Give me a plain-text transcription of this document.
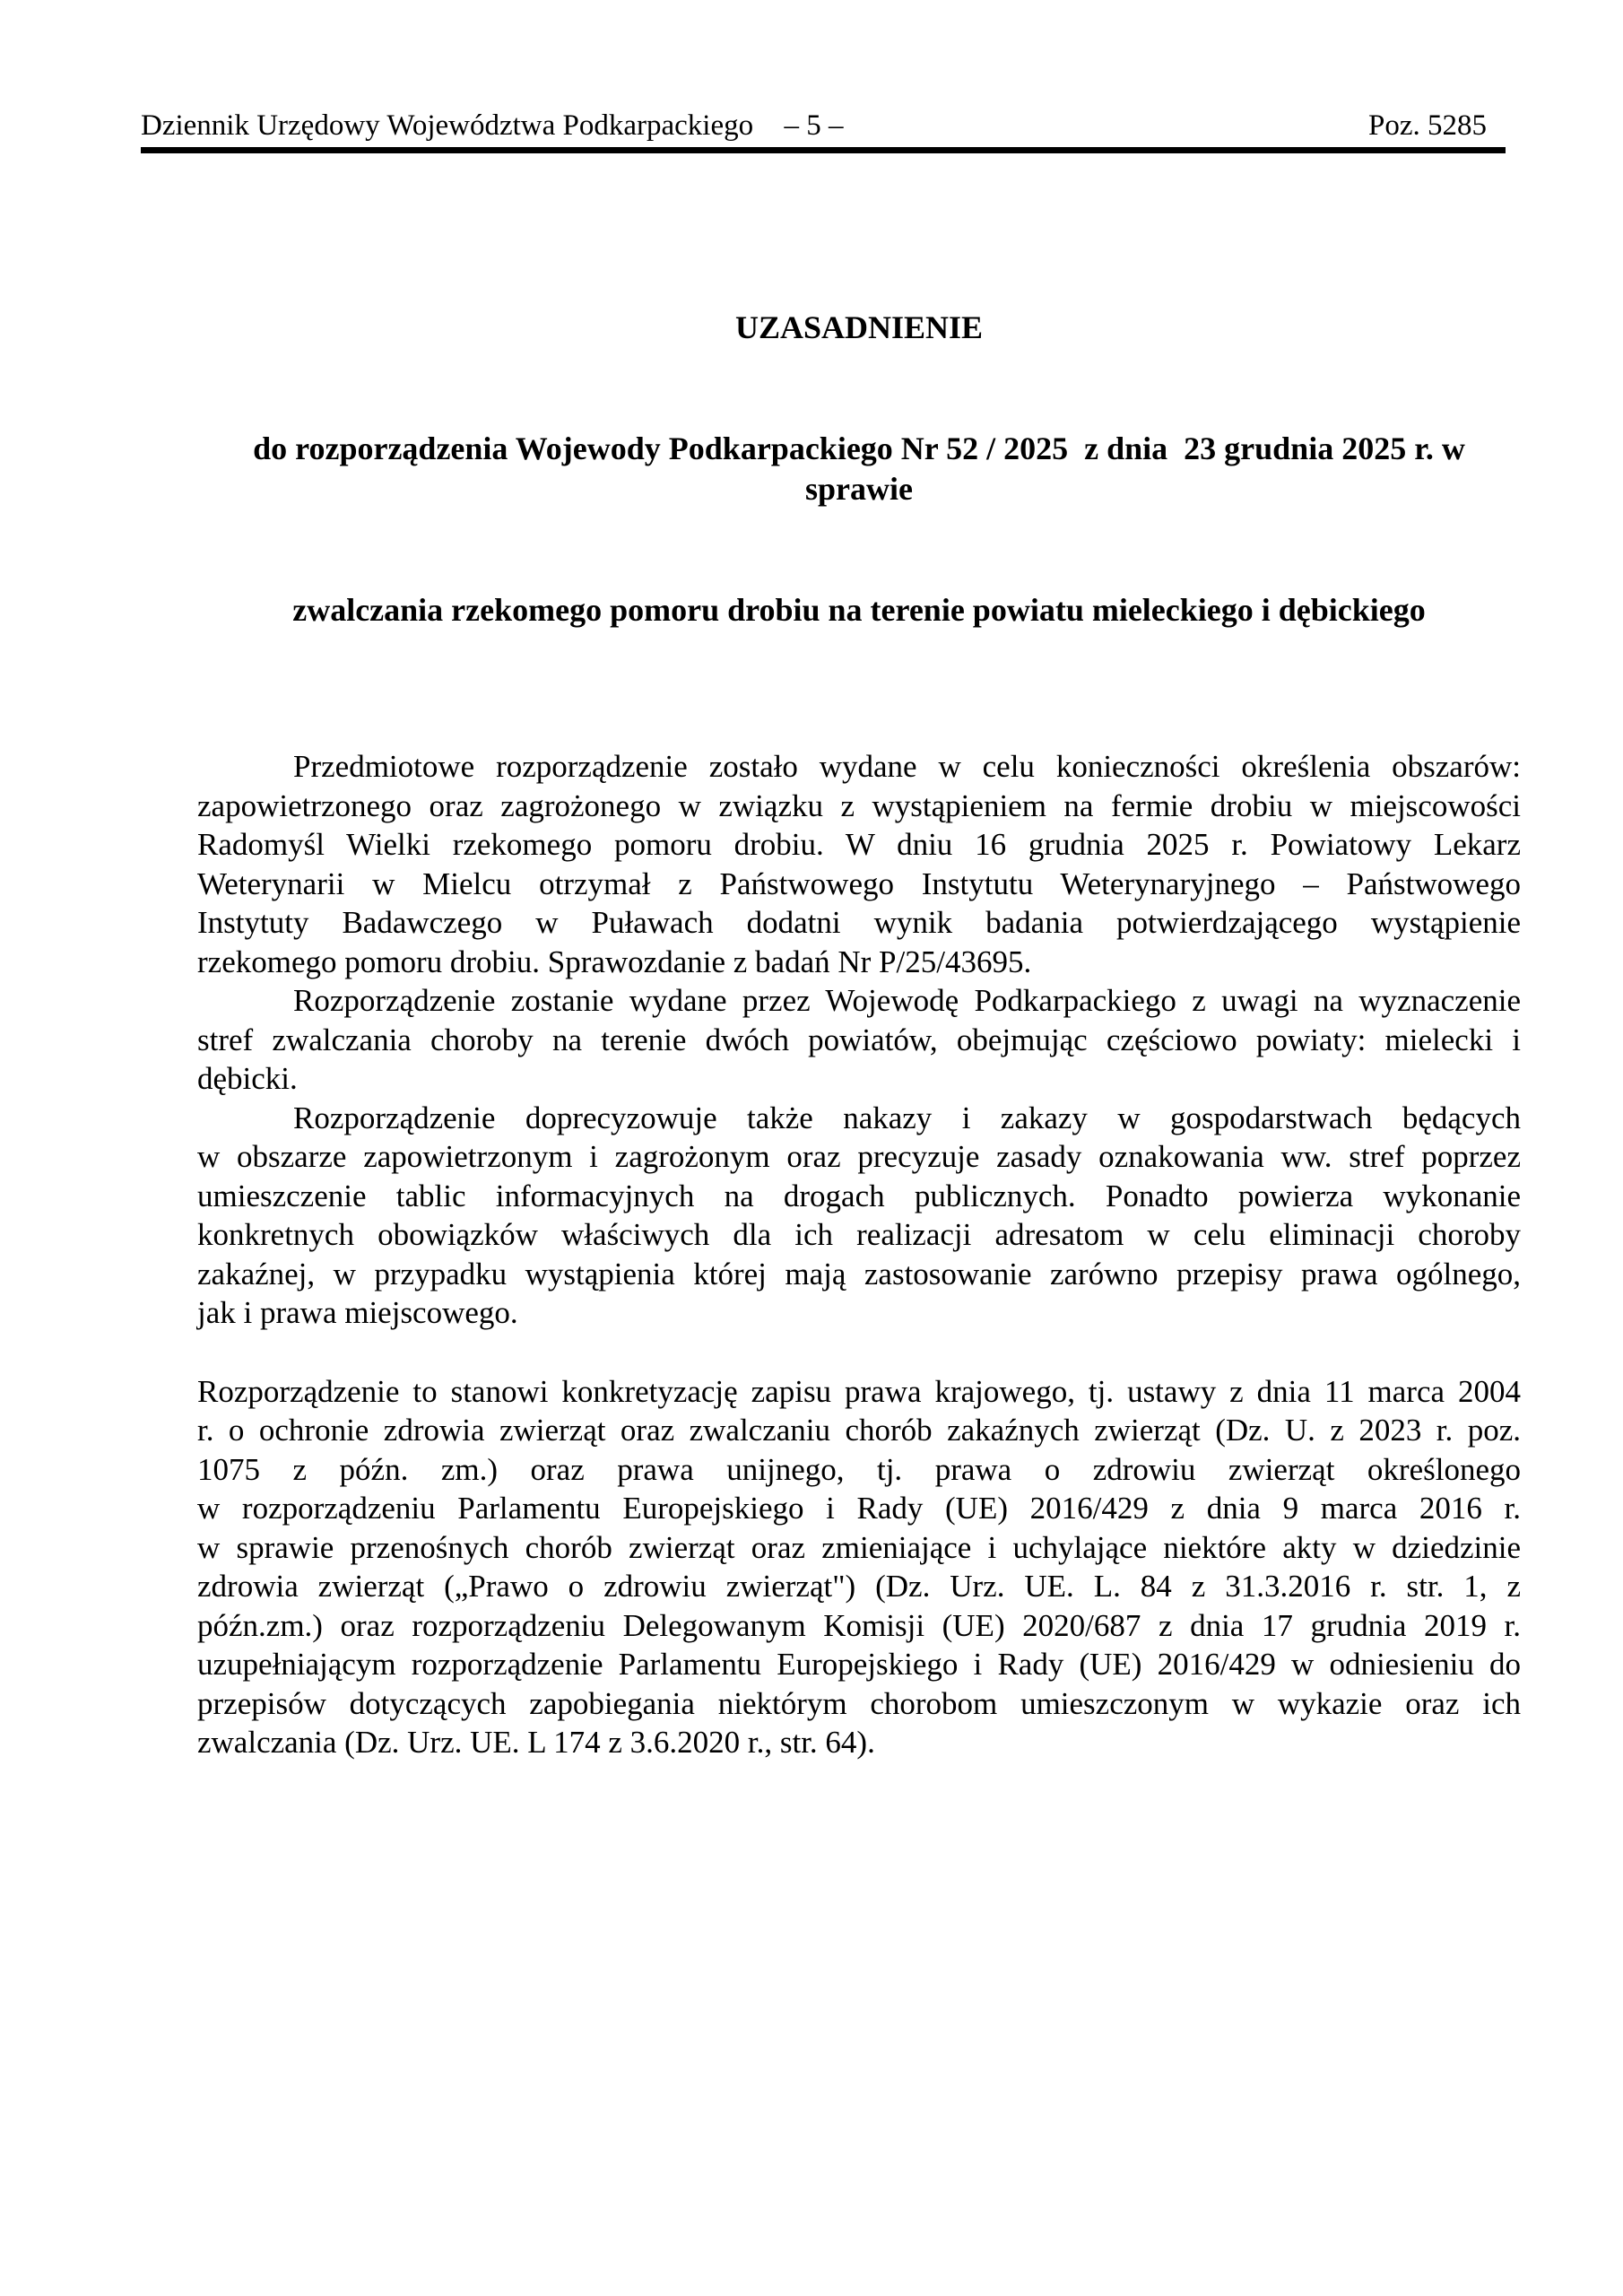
Dziennik Urzędowy Województwa Podkarpackiego	– 5 –	Poz. 5285

UZASADNIENIE

do rozporządzenia Wojewody Podkarpackiego Nr 52 / 2025  z dnia  23 grudnia 2025 r. w sprawie

zwalczania rzekomego pomoru drobiu na terenie powiatu mieleckiego i dębickiego

Przedmiotowe rozporządzenie zostało wydane w celu konieczności określenia obszarów:
zapowietrzonego oraz zagrożonego w związku z wystąpieniem na fermie drobiu w miejscowości
Radomyśl Wielki rzekomego pomoru drobiu. W dniu 16 grudnia 2025 r. Powiatowy Lekarz
Weterynarii w Mielcu otrzymał z Państwowego Instytutu Weterynaryjnego – Państwowego
Instytuty Badawczego w Puławach dodatni wynik badania potwierdzającego wystąpienie
rzekomego pomoru drobiu. Sprawozdanie z badań Nr P/25/43695.
Rozporządzenie zostanie wydane przez Wojewodę Podkarpackiego z uwagi na wyznaczenie
stref zwalczania choroby na terenie dwóch powiatów, obejmując częściowo powiaty: mielecki i
dębicki.
Rozporządzenie doprecyzowuje także nakazy i zakazy w gospodarstwach będących
w obszarze zapowietrzonym i zagrożonym oraz precyzuje zasady oznakowania ww. stref poprzez
umieszczenie tablic informacyjnych na drogach publicznych. Ponadto powierza wykonanie
konkretnych obowiązków właściwych dla ich realizacji adresatom w celu eliminacji choroby
zakaźnej, w przypadku wystąpienia której mają zastosowanie zarówno przepisy prawa ogólnego,
jak i prawa miejscowego.
Rozporządzenie to stanowi konkretyzację zapisu prawa krajowego, tj. ustawy z dnia 11 marca 2004
r. o ochronie zdrowia zwierząt oraz zwalczaniu chorób zakaźnych zwierząt (Dz. U. z 2023 r. poz.
1075 z późn. zm.) oraz prawa unijnego, tj. prawa o zdrowiu zwierząt określonego
w rozporządzeniu Parlamentu Europejskiego i Rady (UE) 2016/429 z dnia 9 marca 2016 r.
w sprawie przenośnych chorób zwierząt oraz zmieniające i uchylające niektóre akty w dziedzinie
zdrowia zwierząt („Prawo o zdrowiu zwierząt") (Dz. Urz. UE. L. 84 z 31.3.2016 r. str. 1, z
późn.zm.) oraz rozporządzeniu Delegowanym Komisji (UE) 2020/687 z dnia 17 grudnia 2019 r.
uzupełniającym rozporządzenie Parlamentu Europejskiego i Rady (UE) 2016/429 w odniesieniu do
przepisów dotyczących zapobiegania niektórym chorobom umieszczonym w wykazie oraz ich
zwalczania (Dz. Urz. UE. L 174 z 3.6.2020 r., str. 64).
